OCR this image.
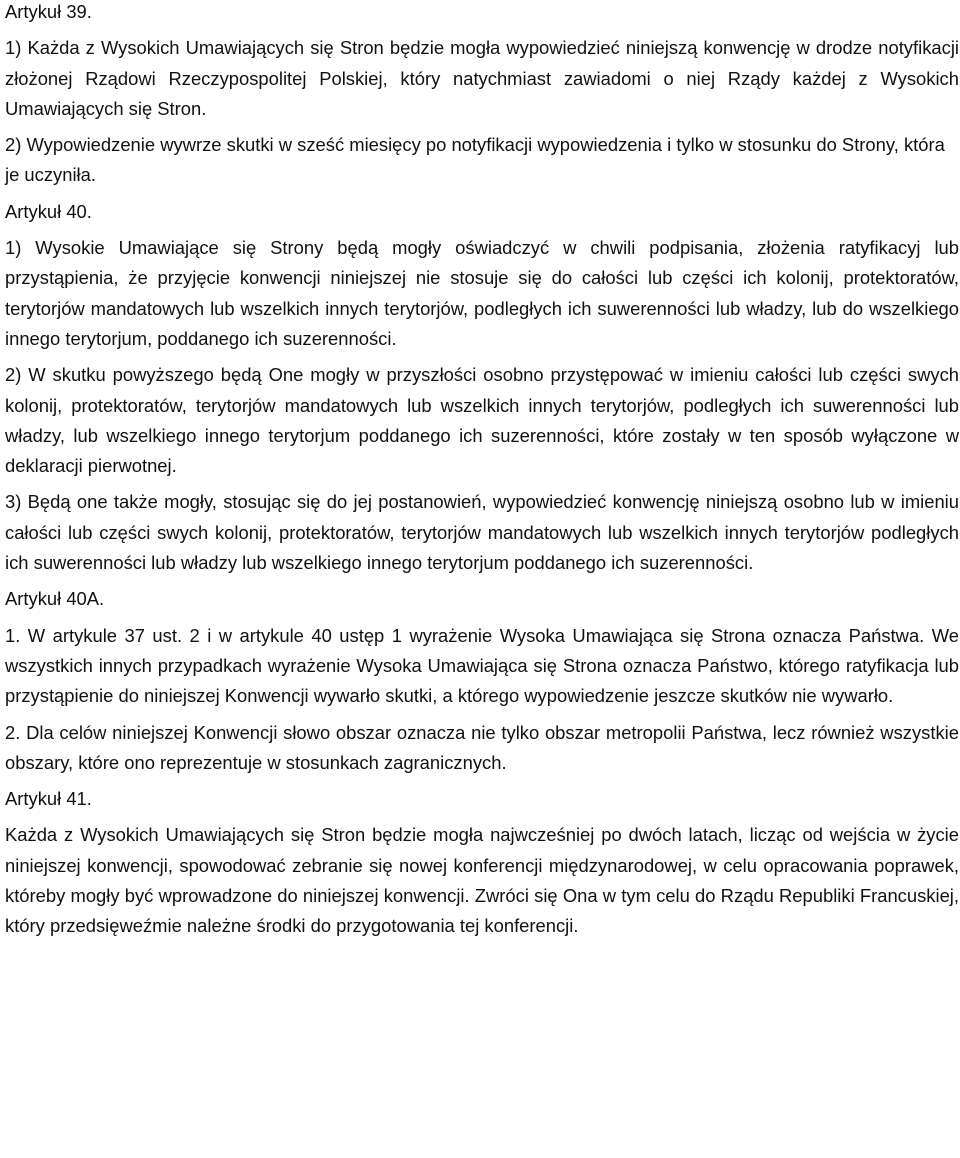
Artykuł 39.

1) Każda z Wysokich Umawiających się Stron będzie mogła wypowiedzieć niniejszą konwencję w drodze notyfikacji złożonej Rządowi Rzeczypospolitej Polskiej, który natychmiast zawiadomi o niej Rządy każdej z Wysokich Umawiających się Stron.

2) Wypowiedzenie wywrze skutki w sześć miesięcy po notyfikacji wypowiedzenia i tylko w stosunku do Strony, która je uczyniła.

Artykuł 40.

1) Wysokie Umawiające się Strony będą mogły oświadczyć w chwili podpisania, złożenia ratyfikacyj lub przystąpienia, że przyjęcie konwencji niniejszej nie stosuje się do całości lub części ich kolonij, protektoratów, terytorjów mandatowych lub wszelkich innych terytorjów, podległych ich suwerenności lub władzy, lub do wszelkiego innego terytorjum, poddanego ich suzerenności.

2) W skutku powyższego będą One mogły w przyszłości osobno przystępować w imieniu całości lub części swych kolonij, protektoratów, terytorjów mandatowych lub wszelkich innych terytorjów, podległych ich suwerenności lub władzy, lub wszelkiego innego terytorjum poddanego ich suzerenności, które zostały w ten sposób wyłączone w deklaracji pierwotnej.

3) Będą one także mogły, stosując się do jej postanowień, wypowiedzieć konwencję niniejszą osobno lub w imieniu całości lub części swych kolonij, protektoratów, terytorjów mandatowych lub wszelkich innych terytorjów podległych ich suwerenności lub władzy lub wszelkiego innego terytorjum poddanego ich suzerenności.

Artykuł 40A.

1. W artykule 37 ust. 2 i w artykule 40 ustęp 1 wyrażenie Wysoka Umawiająca się Strona oznacza Państwa. We wszystkich innych przypadkach wyrażenie Wysoka Umawiająca się Strona oznacza Państwo, którego ratyfikacja lub przystąpienie do niniejszej Konwencji wywarło skutki, a którego wypowiedzenie jeszcze skutków nie wywarło.

2. Dla celów niniejszej Konwencji słowo obszar oznacza nie tylko obszar metropolii Państwa, lecz również wszystkie obszary, które ono reprezentuje w stosunkach zagranicznych.

Artykuł 41.

Każda z Wysokich Umawiających się Stron będzie mogła najwcześniej po dwóch latach, licząc od wejścia w życie niniejszej konwencji, spowodować zebranie się nowej konferencji międzynarodowej, w celu opracowania poprawek, któreby mogły być wprowadzone do niniejszej konwencji. Zwróci się Ona w tym celu do Rządu Republiki Francuskiej, który przedsięweźmie należne środki do przygotowania tej konferencji.
